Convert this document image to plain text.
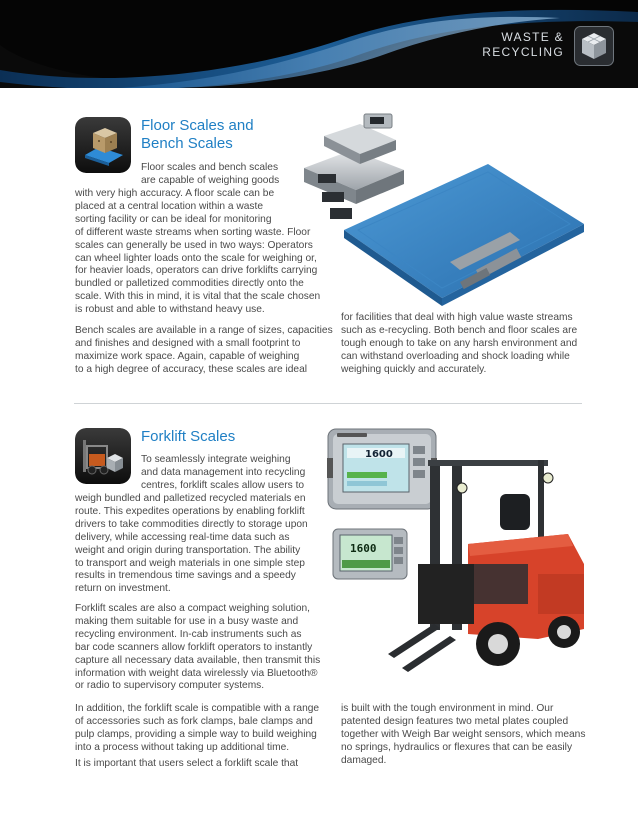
WASTE &
RECYCLING
Floor Scales and
Bench Scales
Floor scales and bench scales
are capable of weighing goods
with very high accuracy. A floor scale can be
placed at a central location within a waste
sorting facility or can be ideal for monitoring
of different waste streams when sorting waste. Floor
scales can generally be used in two ways: Operators
can wheel lighter loads onto the scale for weighing or,
for heavier loads, operators can drive forklifts carrying
bundled or palletized commodities directly onto the
scale. With this in mind, it is vital that the scale chosen
is robust and able to withstand heavy use.
Bench scales are available in a range of sizes, capacities
and finishes and designed with a small footprint to
maximize work space. Again, capable of weighing
to a high degree of accuracy, these scales are ideal
for facilities that deal with high value waste streams
such as e-recycling. Both bench and floor scales are
tough enough to take on any harsh environment and
can withstand overloading and shock loading while
weighing quickly and accurately.
Forklift Scales
To seamlessly integrate weighing
and data management into recycling
centres, forklift scales allow users to
weigh bundled and palletized recycled materials en
route. This expedites operations by enabling forklift
drivers to take commodities directly to storage upon
delivery, while accessing real-time data such as
weight and origin during transportation. The ability
to transport and weigh materials in one simple step
results in tremendous time savings and a speedy
return on investment.
Forklift scales are also a compact weighing solution,
making them suitable for use in a busy waste and
recycling environment. In-cab instruments such as
bar code scanners allow forklift operators to instantly
capture all necessary data available, then transmit this
information with weight data wirelessly via Bluetooth®
or radio to supervisory computer systems.
In addition, the forklift scale is compatible with a range
of accessories such as fork clamps, bale clamps and
pulp clamps, providing a simple way to build weighing
into a process without taking up additional time.
It is important that users select a forklift scale that
1600
1600
is built with the tough environment in mind. Our
patented design features two metal plates coupled
together with Weigh Bar weight sensors, which means
no springs, hydraulics or flexures that can be easily
damaged.
